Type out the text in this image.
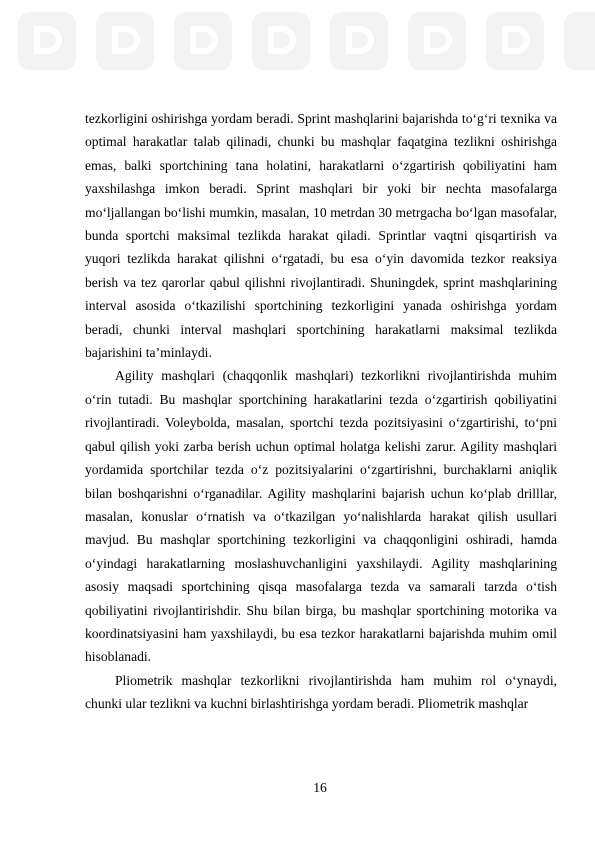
tezkorligini oshirishga yordam beradi. Sprint mashqlarini bajarishda to‘g‘ri texnika va optimal harakatlar talab qilinadi, chunki bu mashqlar faqatgina tezlikni oshirishga emas, balki sportchining tana holatini, harakatlarni o‘zgartirish qobiliyatini ham yaxshilashga imkon beradi. Sprint mashqlari bir yoki bir nechta masofalarga mo‘ljallangan bo‘lishi mumkin, masalan, 10 metrdan 30 metrgacha bo‘lgan masofalar, bunda sportchi maksimal tezlikda harakat qiladi. Sprintlar vaqtni qisqartirish va yuqori tezlikda harakat qilishni o‘rgatadi, bu esa o‘yin davomida tezkor reaksiya berish va tez qarorlar qabul qilishni rivojlantiradi. Shuningdek, sprint mashqlarining interval asosida o‘tkazilishi sportchining tezkorligini yanada oshirishga yordam beradi, chunki interval mashqlari sportchining harakatlarni maksimal tezlikda bajarishini ta’minlaydi.

Agility mashqlari (chaqqonlik mashqlari) tezkorlikni rivojlantirishda muhim o‘rin tutadi. Bu mashqlar sportchining harakatlarini tezda o‘zgartirish qobiliyatini rivojlantiradi. Voleybolda, masalan, sportchi tezda pozitsiyasini o‘zgartirishi, to‘pni qabul qilish yoki zarba berish uchun optimal holatga kelishi zarur. Agility mashqlari yordamida sportchilar tezda o‘z pozitsiyalarini o‘zgartirishni, burchaklarni aniqlik bilan boshqarishni o‘rganadilar. Agility mashqlarini bajarish uchun ko‘plab drilllar, masalan, konuslar o‘rnatish va o‘tkazilgan yo‘nalishlarda harakat qilish usullari mavjud. Bu mashqlar sportchining tezkorligini va chaqqonligini oshiradi, hamda o‘yindagi harakatlarning moslashuvchanligini yaxshilaydi. Agility mashqlarining asosiy maqsadi sportchining qisqa masofalarga tezda va samarali tarzda o‘tish qobiliyatini rivojlantirishdir. Shu bilan birga, bu mashqlar sportchining motorika va koordinatsiyasini ham yaxshilaydi, bu esa tezkor harakatlarni bajarishda muhim omil hisoblanadi.

Pliometrik mashqlar tezkorlikni rivojlantirishda ham muhim rol o‘ynaydi, chunki ular tezlikni va kuchni birlashtirishga yordam beradi. Pliometrik mashqlar

16
